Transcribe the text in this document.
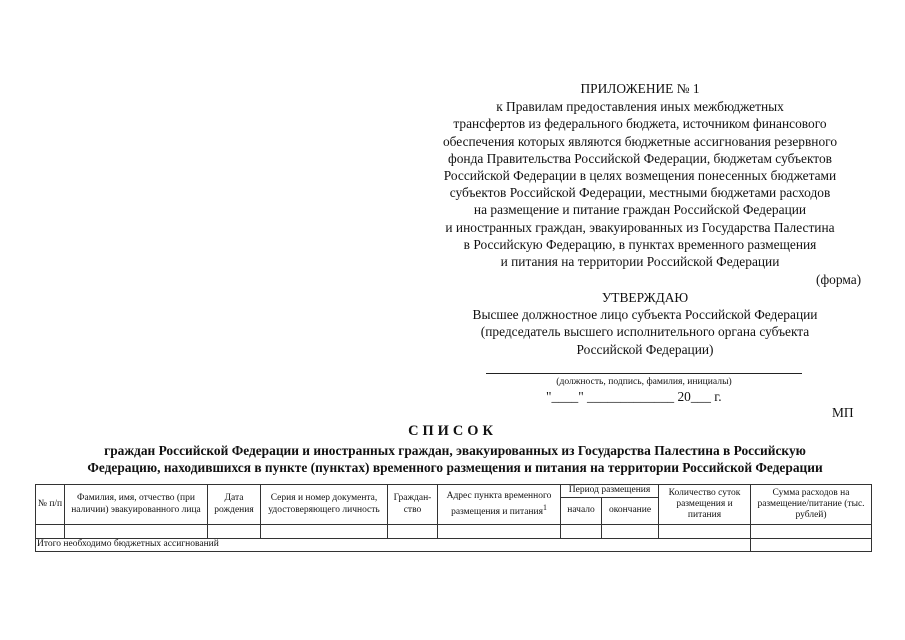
ПРИЛОЖЕНИЕ № 1
к Правилам предоставления иных межбюджетных
трансфертов из федерального бюджета, источником финансового
обеспечения которых являются бюджетные ассигнования резервного
фонда Правительства Российской Федерации, бюджетам субъектов
Российской Федерации в целях возмещения понесенных бюджетами
субъектов Российской Федерации, местными бюджетами расходов
на размещение и питание граждан Российской Федерации
и иностранных граждан, эвакуированных из Государства Палестина
в Российскую Федерацию, в пунктах временного размещения
и питания на территории Российской Федерации
(форма)
УТВЕРЖДАЮ
Высшее должностное лицо субъекта Российской Федерации
(председатель высшего исполнительного органа субъекта
Российской Федерации)
(должность, подпись, фамилия, инициалы)
"____" _____________ 20___ г.
МП
СПИСОК
граждан Российской Федерации и иностранных граждан, эвакуированных из Государства Палестина в Российскую
Федерацию, находившихся в пункте (пунктах) временного размещения и питания на территории Российской Федерации
№ п/п	Фамилия, имя, отчество (при наличии) эвакуированного лица	Дата рождения	Серия и номер документа, удостоверяющего личность	Граждан-ство	Адрес пункта временного размещения и питания$^1$	Период размещения		Количество суток размещения и питания	Сумма расходов на размещение/питание (тыс. рублей)
						начало	окончание		

Итого необходимо бюджетных ассигнований									
